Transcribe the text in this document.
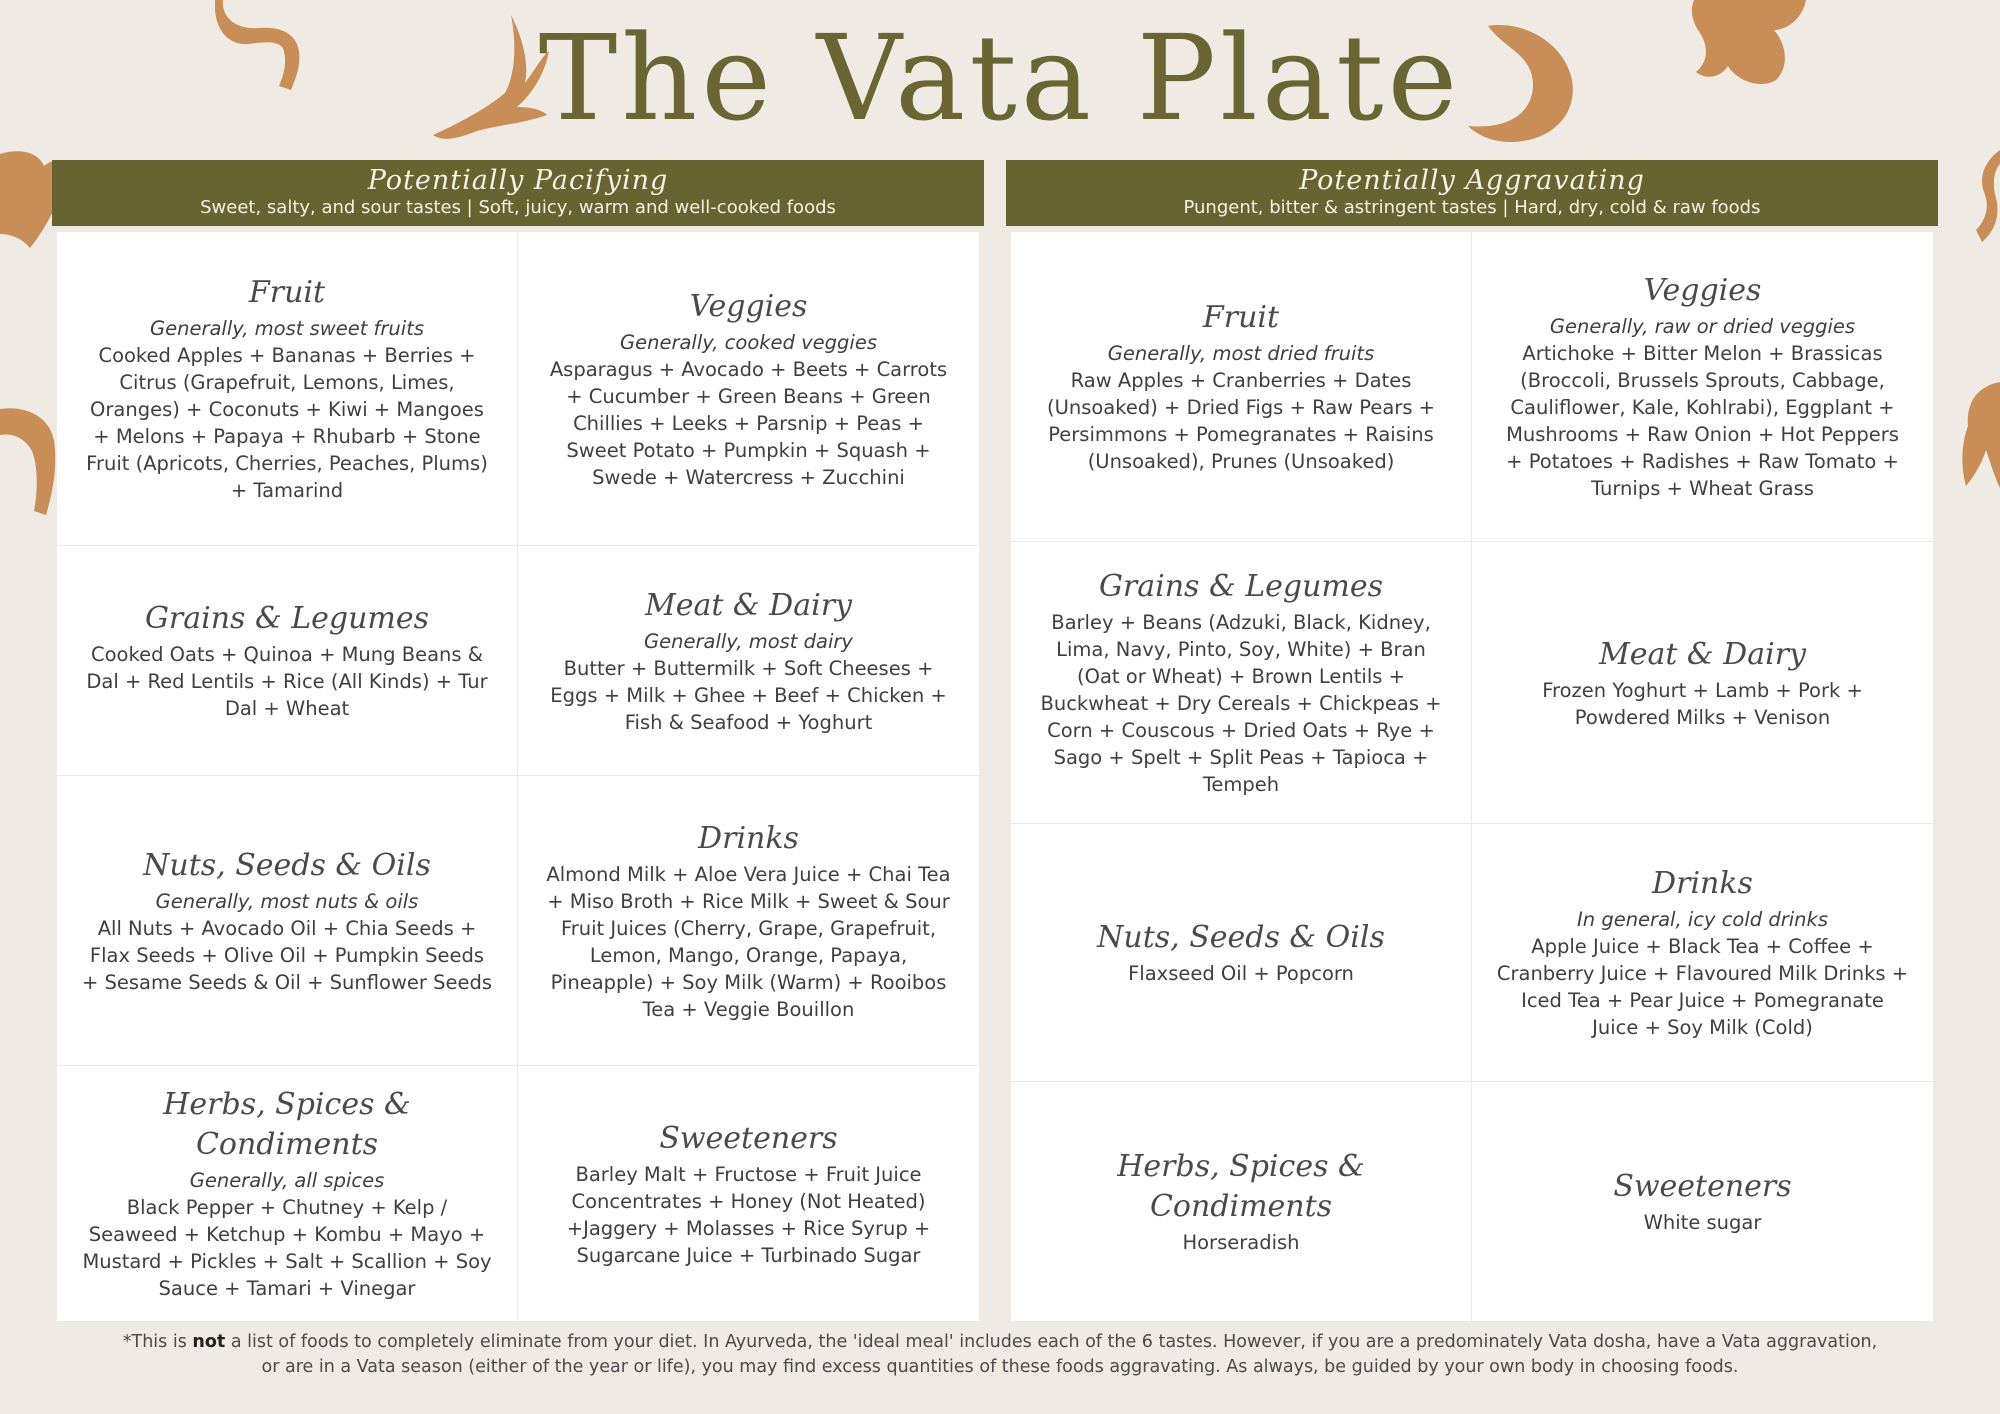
The Vata Plate
Potentially Pacifying
Sweet, salty, and sour tastes | Soft, juicy, warm and well-cooked foods
Fruit
Generally, most sweet fruits
Cooked Apples + Bananas + Berries + Citrus (Grapefruit, Lemons, Limes, Oranges) + Coconuts + Kiwi + Mangoes + Melons + Papaya + Rhubarb + Stone Fruit (Apricots, Cherries, Peaches, Plums) + Tamarind
Veggies
Generally, cooked veggies
Asparagus + Avocado + Beets + Carrots + Cucumber + Green Beans + Green Chillies + Leeks + Parsnip + Peas + Sweet Potato + Pumpkin + Squash + Swede + Watercress + Zucchini
Grains & Legumes
Cooked Oats + Quinoa + Mung Beans & Dal + Red Lentils + Rice (All Kinds) + Tur Dal + Wheat
Meat & Dairy
Generally, most dairy
Butter + Buttermilk + Soft Cheeses + Eggs + Milk + Ghee + Beef + Chicken + Fish & Seafood + Yoghurt
Nuts, Seeds & Oils
Generally, most nuts & oils
All Nuts + Avocado Oil + Chia Seeds + Flax Seeds + Olive Oil + Pumpkin Seeds + Sesame Seeds & Oil + Sunflower Seeds
Drinks
Almond Milk + Aloe Vera Juice + Chai Tea + Miso Broth + Rice Milk + Sweet & Sour Fruit Juices (Cherry, Grape, Grapefruit, Lemon, Mango, Orange, Papaya, Pineapple) + Soy Milk (Warm) + Rooibos Tea + Veggie Bouillon
Herbs, Spices & Condiments
Generally, all spices
Black Pepper + Chutney + Kelp / Seaweed + Ketchup + Kombu + Mayo + Mustard + Pickles + Salt + Scallion + Soy Sauce + Tamari + Vinegar
Sweeteners
Barley Malt + Fructose + Fruit Juice Concentrates + Honey (Not Heated) +Jaggery + Molasses + Rice Syrup + Sugarcane Juice + Turbinado Sugar
Potentially Aggravating
Pungent, bitter & astringent tastes | Hard, dry, cold & raw foods
Fruit
Generally, most dried fruits
Raw Apples + Cranberries + Dates (Unsoaked) + Dried Figs + Raw Pears + Persimmons + Pomegranates + Raisins (Unsoaked), Prunes (Unsoaked)
Veggies
Generally, raw or dried veggies
Artichoke + Bitter Melon + Brassicas (Broccoli, Brussels Sprouts, Cabbage, Cauliflower, Kale, Kohlrabi), Eggplant + Mushrooms + Raw Onion + Hot Peppers + Potatoes + Radishes + Raw Tomato + Turnips + Wheat Grass
Grains & Legumes
Barley + Beans (Adzuki, Black, Kidney, Lima, Navy, Pinto, Soy, White) + Bran (Oat or Wheat) + Brown Lentils + Buckwheat + Dry Cereals + Chickpeas + Corn + Couscous + Dried Oats + Rye + Sago + Spelt + Split Peas + Tapioca + Tempeh
Meat & Dairy
Frozen Yoghurt + Lamb + Pork + Powdered Milks + Venison
Nuts, Seeds & Oils
Flaxseed Oil + Popcorn
Drinks
In general, icy cold drinks
Apple Juice + Black Tea + Coffee + Cranberry Juice + Flavoured Milk Drinks + Iced Tea + Pear Juice + Pomegranate Juice + Soy Milk (Cold)
Herbs, Spices & Condiments
Horseradish
Sweeteners
White sugar
*This is not a list of foods to completely eliminate from your diet. In Ayurveda, the 'ideal meal' includes each of the 6 tastes. However, if you are a predominately Vata dosha, have a Vata aggravation,
or are in a Vata season (either of the year or life), you may find excess quantities of these foods aggravating. As always, be guided by your own body in choosing foods.
